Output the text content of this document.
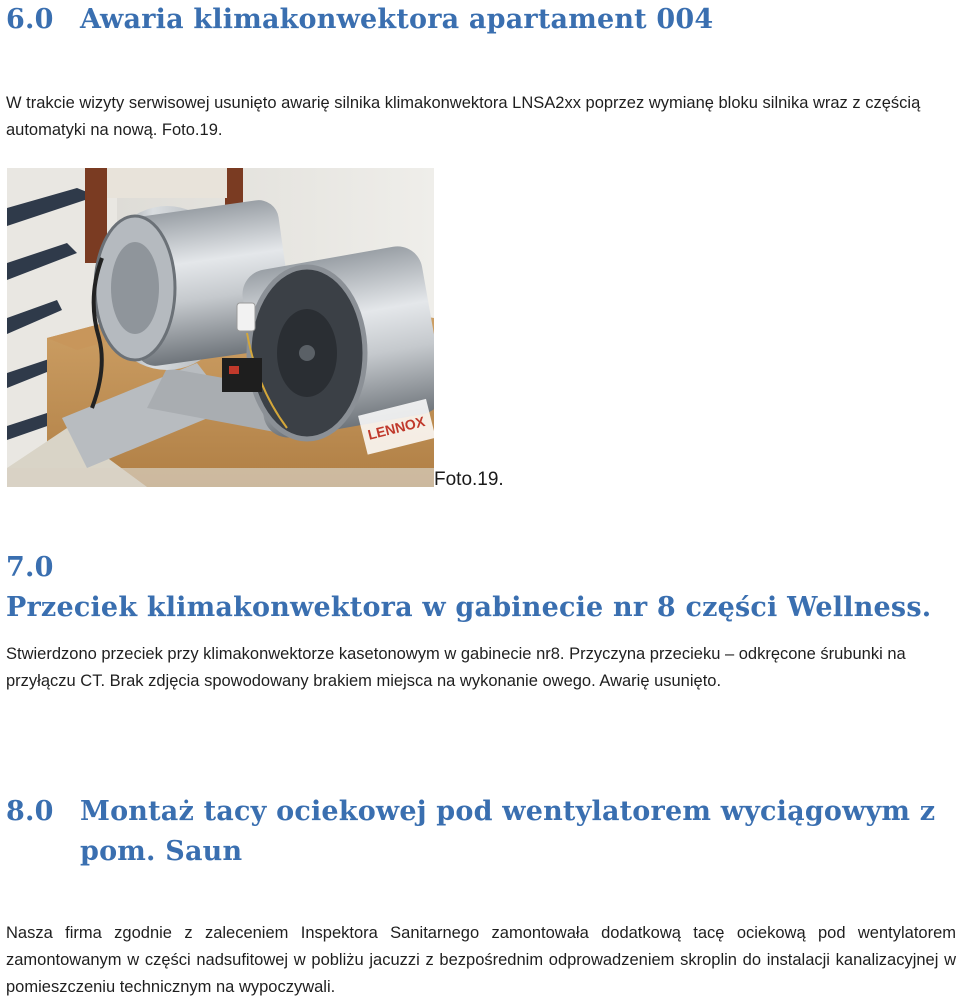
6.0 Awaria klimakonwektora apartament 004

W trakcie wizyty serwisowej usunięto awarię silnika klimakonwektora LNSA2xx poprzez wymianę bloku silnika wraz z częścią automatyki na nową. Foto.19.

LENNOX
Foto.19.
7.0Przeciek klimakonwektora w gabinecie nr 8 części Wellness.

Stwierdzono przeciek przy klimakonwektorze kasetonowym w gabinecie nr8. Przyczyna przecieku – odkręcone śrubunki na przyłączu CT. Brak zdjęcia spowodowany brakiem miejsca na wykonanie owego. Awarię usunięto.

8.0 Montaż tacy ociekowej pod wentylatorem wyciągowym z pom. Saun

Nasza firma zgodnie z zaleceniem Inspektora Sanitarnego zamontowała dodatkową tacę ociekową pod wentylatorem zamontowanym w części nadsufitowej w pobliżu jacuzzi z bezpośrednim odprowadzeniem skroplin do instalacji kanalizacyjnej w pomieszczeniu technicznym na wypoczywali.
